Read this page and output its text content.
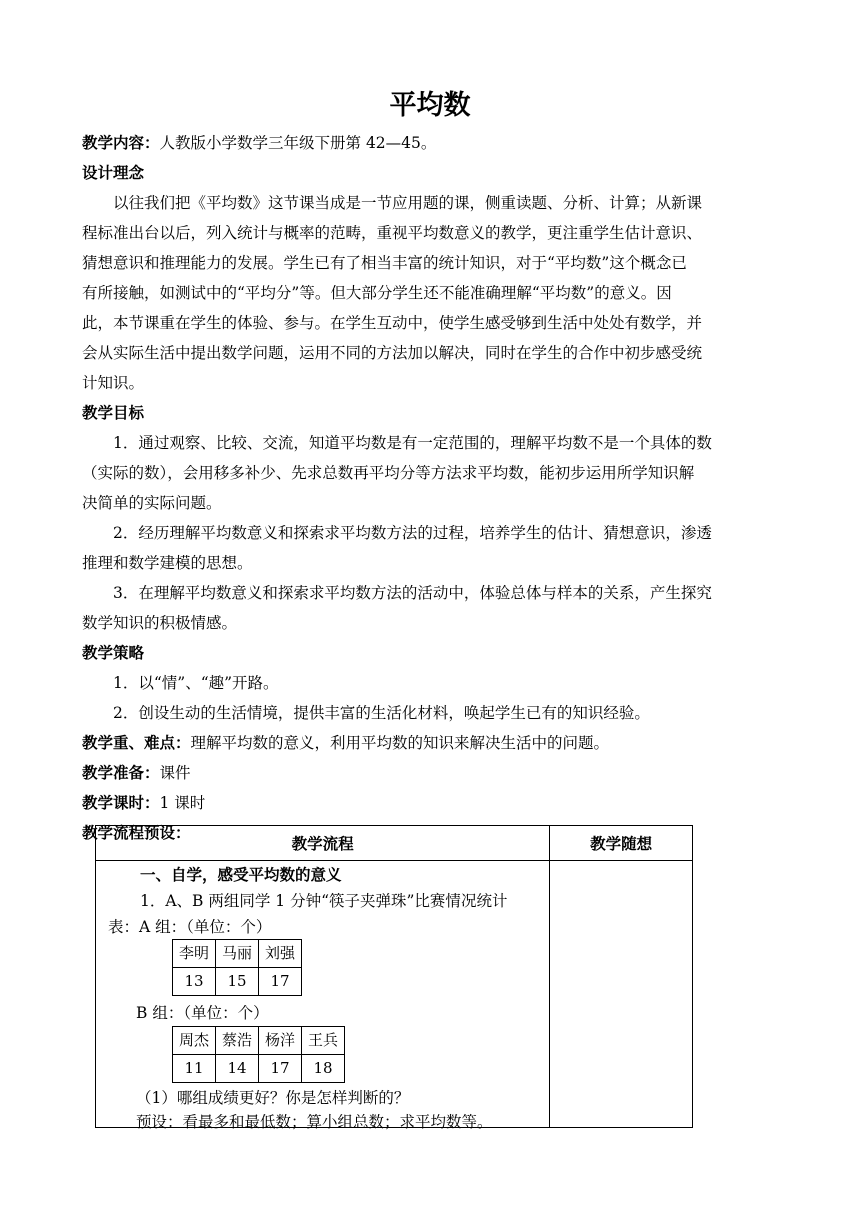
平均数
教学内容：人教版小学数学三年级下册第 42—45。
设计理念
以往我们把《平均数》这节课当成是一节应用题的课，侧重读题、分析、计算；从新课
程标准出台以后，列入统计与概率的范畴，重视平均数意义的教学，更注重学生估计意识、
猜想意识和推理能力的发展。学生已有了相当丰富的统计知识，对于“平均数”这个概念已
有所接触，如测试中的“平均分”等。但大部分学生还不能准确理解“平均数”的意义。因
此，本节课重在学生的体验、参与。在学生互动中，使学生感受够到生活中处处有数学，并
会从实际生活中提出数学问题，运用不同的方法加以解决，同时在学生的合作中初步感受统
计知识。
教学目标
1．通过观察、比较、交流，知道平均数是有一定范围的，理解平均数不是一个具体的数
（实际的数），会用移多补少、先求总数再平均分等方法求平均数，能初步运用所学知识解
决简单的实际问题。
2．经历理解平均数意义和探索求平均数方法的过程，培养学生的估计、猜想意识，渗透
推理和数学建模的思想。
3．在理解平均数意义和探索求平均数方法的活动中，体验总体与样本的关系，产生探究
数学知识的积极情感。
教学策略
1．以“情”、“趣”开路。
2．创设生动的生活情境，提供丰富的生活化材料，唤起学生已有的知识经验。
教学重、难点：理解平均数的意义，利用平均数的知识来解决生活中的问题。
教学准备：课件
教学课时：1 课时
教学流程预设：
教学流程	教学随想

一、自学，感受平均数的意义
1．A、B 两组同学 1 分钟“筷子夹弹珠”比赛情况统计
表：A 组：（单位：个）
李明	马丽	刘强
13	15	17
B 组：（单位：个）
周杰	蔡浩	杨洋	王兵
11	14	17	18
（1）哪组成绩更好？你是怎样判断的？
预设：看最多和最低数；算小组总数；求平均数等。
